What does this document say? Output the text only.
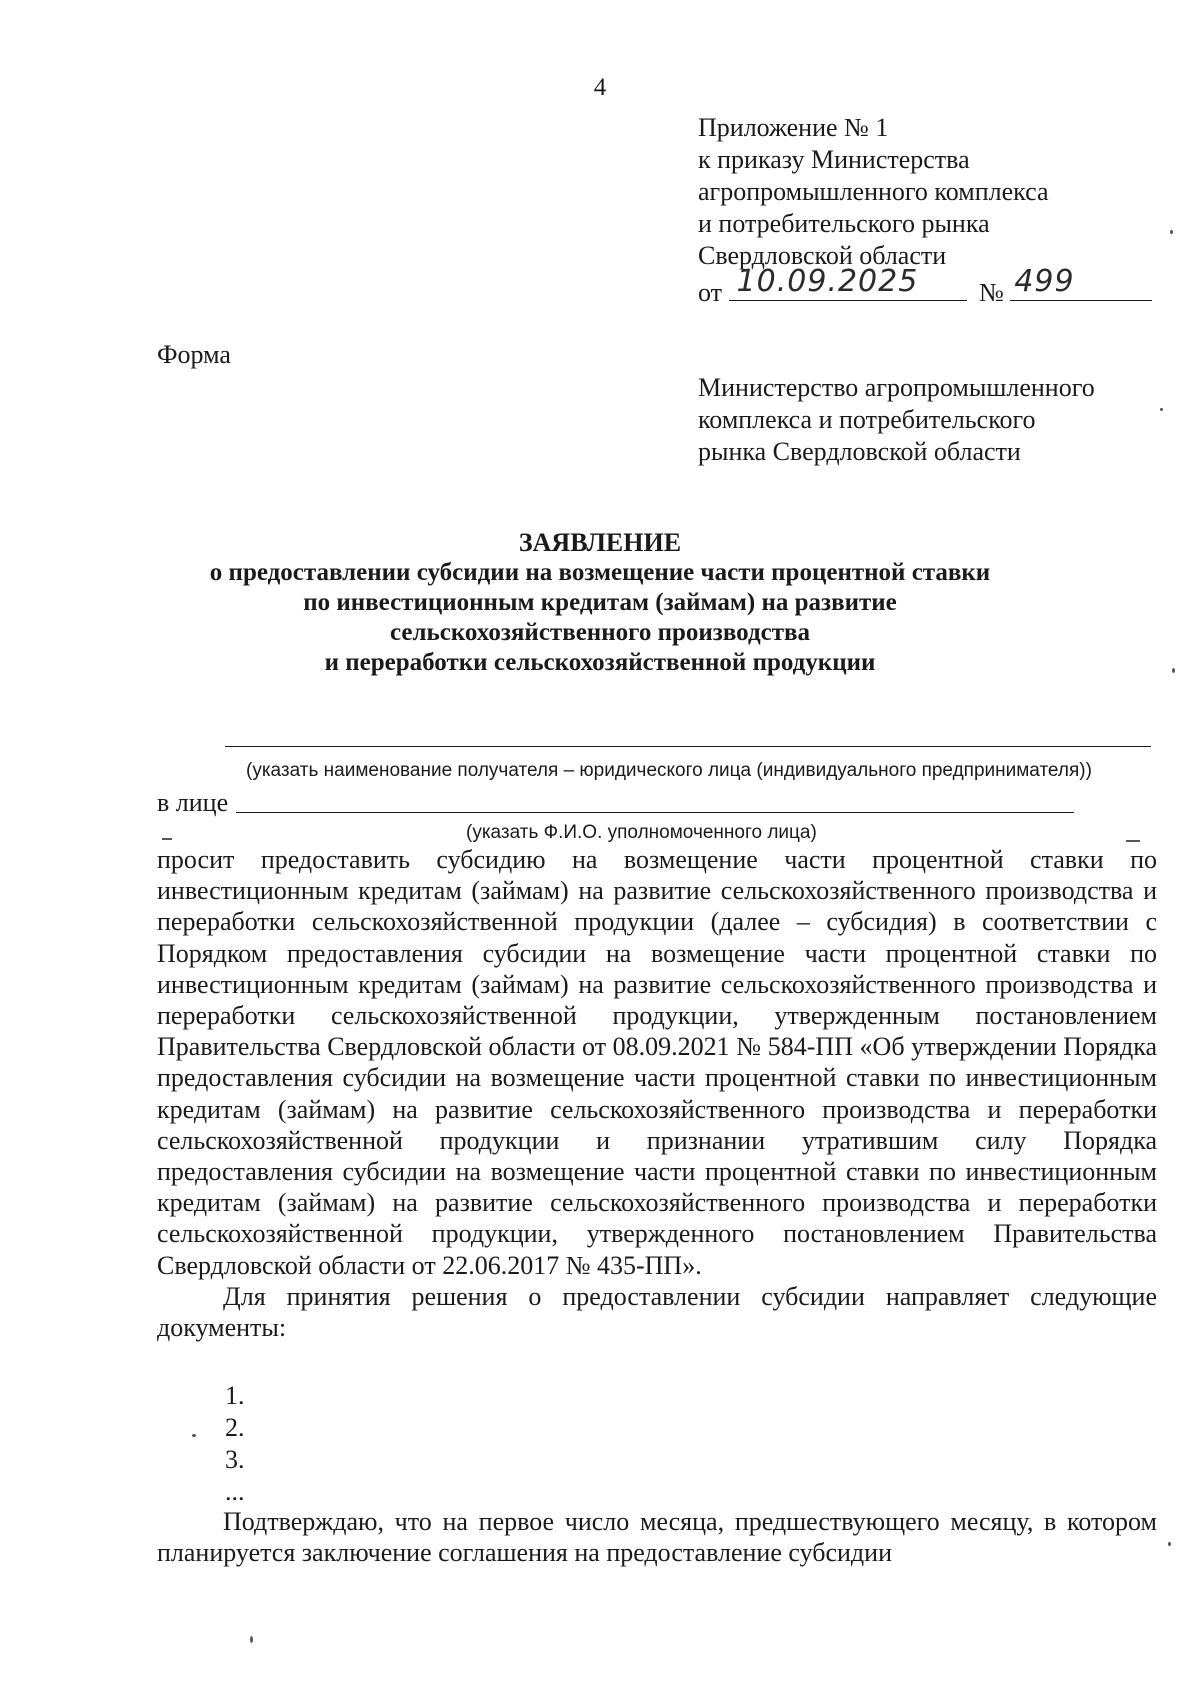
4
Приложение № 1
к приказу Министерства
агропромышленного комплекса
и потребительского рынка
Свердловской области
от 10.09.2025 № 499
Форма
Министерство агропромышленного
комплекса и потребительского
рынка Свердловской области
ЗАЯВЛЕНИЕ
о предоставлении субсидии на возмещение части процентной ставки
по инвестиционным кредитам (займам) на развитие
сельскохозяйственного производства
и переработки сельскохозяйственной продукции
(указать наименование получателя – юридического лица (индивидуального предпринимателя))
в лице
(указать Ф.И.О. уполномоченного лица)

просит предоставить субсидию на возмещение части процентной ставки по инвестиционным кредитам (займам) на развитие сельскохозяйственного производства и переработки сельскохозяйственной продукции (далее – субсидия) в соответствии с Порядком предоставления субсидии на возмещение части процентной ставки по инвестиционным кредитам (займам) на развитие сельскохозяйственного производства и переработки сельскохозяйственной продукции, утвержденным постановлением Правительства Свердловской области от 08.09.2021 № 584-ПП «Об утверждении Порядка предоставления субсидии на возмещение части процентной ставки по инвестиционным кредитам (займам) на развитие сельскохозяйственного производства и переработки сельскохозяйственной продукции и признании утратившим силу Порядка предоставления субсидии на возмещение части процентной ставки по инвестиционным кредитам (займам) на развитие сельскохозяйственного производства и переработки сельскохозяйственной продукции, утвержденного постановлением Правительства Свердловской области от 22.06.2017 № 435-ПП».

Для принятия решения о предоставлении субсидии направляет следующие документы:

1.
2.
3.
...

Подтверждаю, что на первое число месяца, предшествующего месяцу, в котором планируется заключение соглашения на предоставление субсидии
